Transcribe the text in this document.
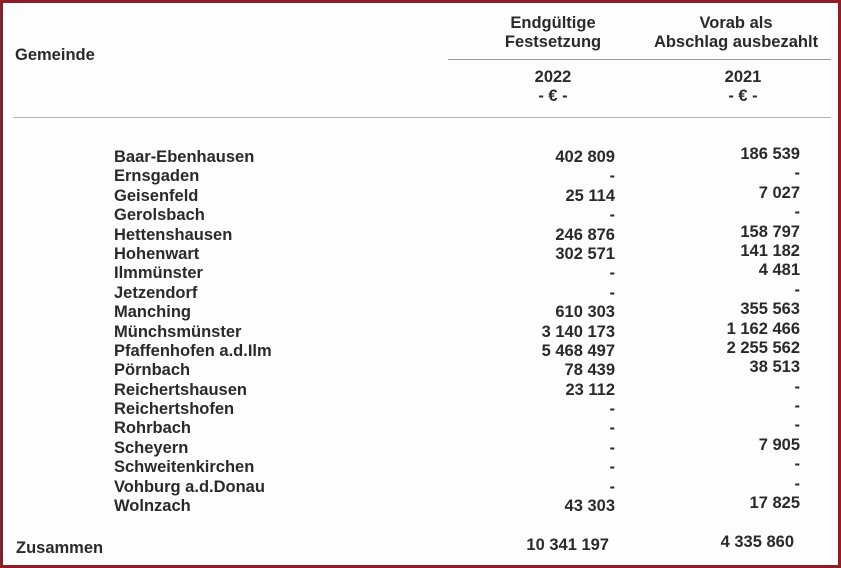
Gemeinde
Endgültige
Festsetzung
Vorab als
Abschlag ausbezahlt
2022
- € -
2021
- € -
Baar-Ebenhausen	402 809	186 539
Ernsgaden	-	-
Geisenfeld	25 114	7 027
Gerolsbach	-	-
Hettenshausen	246 876	158 797
Hohenwart	302 571	141 182
Ilmmünster	-	4 481
Jetzendorf	-	-
Manching	610 303	355 563
Münchsmünster	3 140 173	1 162 466
Pfaffenhofen a.d.Ilm	5 468 497	2 255 562
Pörnbach	78 439	38 513
Reichertshausen	23 112	-
Reichertshofen	-	-
Rohrbach	-	-
Scheyern	-	7 905
Schweitenkirchen	-	-
Vohburg a.d.Donau	-	-
Wolnzach	43 303	17 825
Zusammen	10 341 197	4 335 860
